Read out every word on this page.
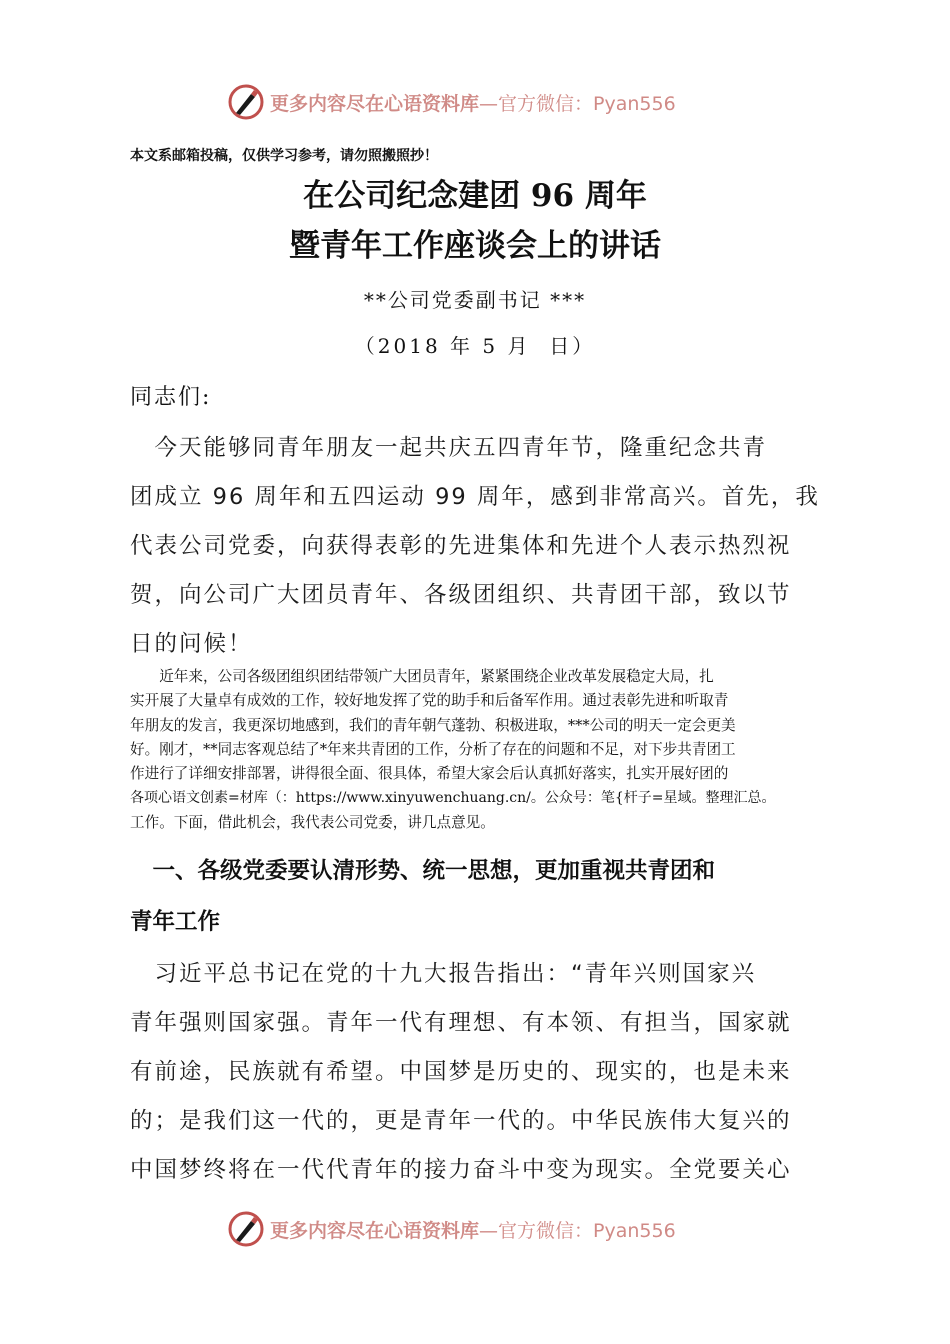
更多内容尽在心语资料库 —官方微信：Pyan556
本文系邮箱投稿，仅供学习参考，请勿照搬照抄！
在公司纪念建团 96 周年
暨青年工作座谈会上的讲话
**公司党委副书记 ***
（2018 年 5 月  日）
同志们:
　今天能够同青年朋友一起共庆五四青年节，隆重纪念共青
团成立 96 周年和五四运动 99 周年，感到非常高兴。首先，我
代表公司党委，向获得表彰的先进集体和先进个人表示热烈祝
贺，向公司广大团员青年、各级团组织、共青团干部，致以节
日的问候！
　　近年来，公司各级团组织团结带领广大团员青年，紧紧围绕企业改革发展稳定大局，扎
实开展了大量卓有成效的工作，较好地发挥了党的助手和后备军作用。通过表彰先进和听取青
年朋友的发言，我更深切地感到，我们的青年朝气蓬勃、积极进取，***公司的明天一定会更美
好。刚才，**同志客观总结了*年来共青团的工作，分析了存在的问题和不足，对下步共青团工
作进行了详细安排部署，讲得很全面、很具体，希望大家会后认真抓好落实，扎实开展好团的
各项心语文创素=材库（：https://www.xinyuwenchuang.cn/。公众号：笔{杆子=星域。整理汇总。
工作。下面，借此机会，我代表公司党委，讲几点意见。
　一、各级党委要认清形势、统一思想，更加重视共青团和
青年工作
　习近平总书记在党的十九大报告指出：“青年兴则国家兴
青年强则国家强。青年一代有理想、有本领、有担当，国家就
有前途，民族就有希望。中国梦是历史的、现实的，也是未来
的；是我们这一代的，更是青年一代的。中华民族伟大复兴的
中国梦终将在一代代青年的接力奋斗中变为现实。全党要关心
更多内容尽在心语资料库 —官方微信：Pyan556
